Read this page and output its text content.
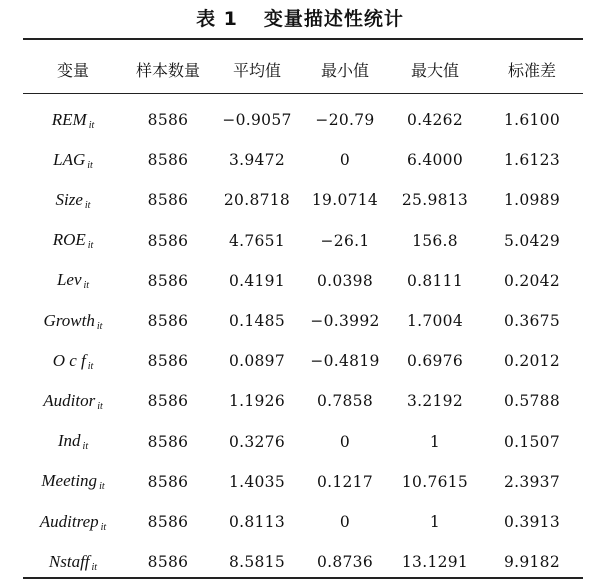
表 1 变量描述性统计
变量	样本数量	平均值	最小值	最大值	标准差
REM $_{it}$	8586	−0.9057	−20.79	0.4262	1.6100
LAG $_{it}$	8586	3.9472	0	6.4000	1.6123
Size $_{it}$	8586	20.8718	19.0714	25.9813	1.0989
ROE $_{it}$	8586	4.7651	−26.1	156.8	5.0429
Lev $_{it}$	8586	0.4191	0.0398	0.8111	0.2042
Growth $_{it}$	8586	0.1485	−0.3992	1.7004	0.3675
O c f $_{it}$	8586	0.0897	−0.4819	0.6976	0.2012
Auditor $_{it}$	8586	1.1926	0.7858	3.2192	0.5788
Ind $_{it}$	8586	0.3276	0	1	0.1507
Meeting $_{it}$	8586	1.4035	0.1217	10.7615	2.3937
Auditrep $_{it}$	8586	0.8113	0	1	0.3913
Nstaff $_{it}$	8586	8.5815	0.8736	13.1291	9.9182
